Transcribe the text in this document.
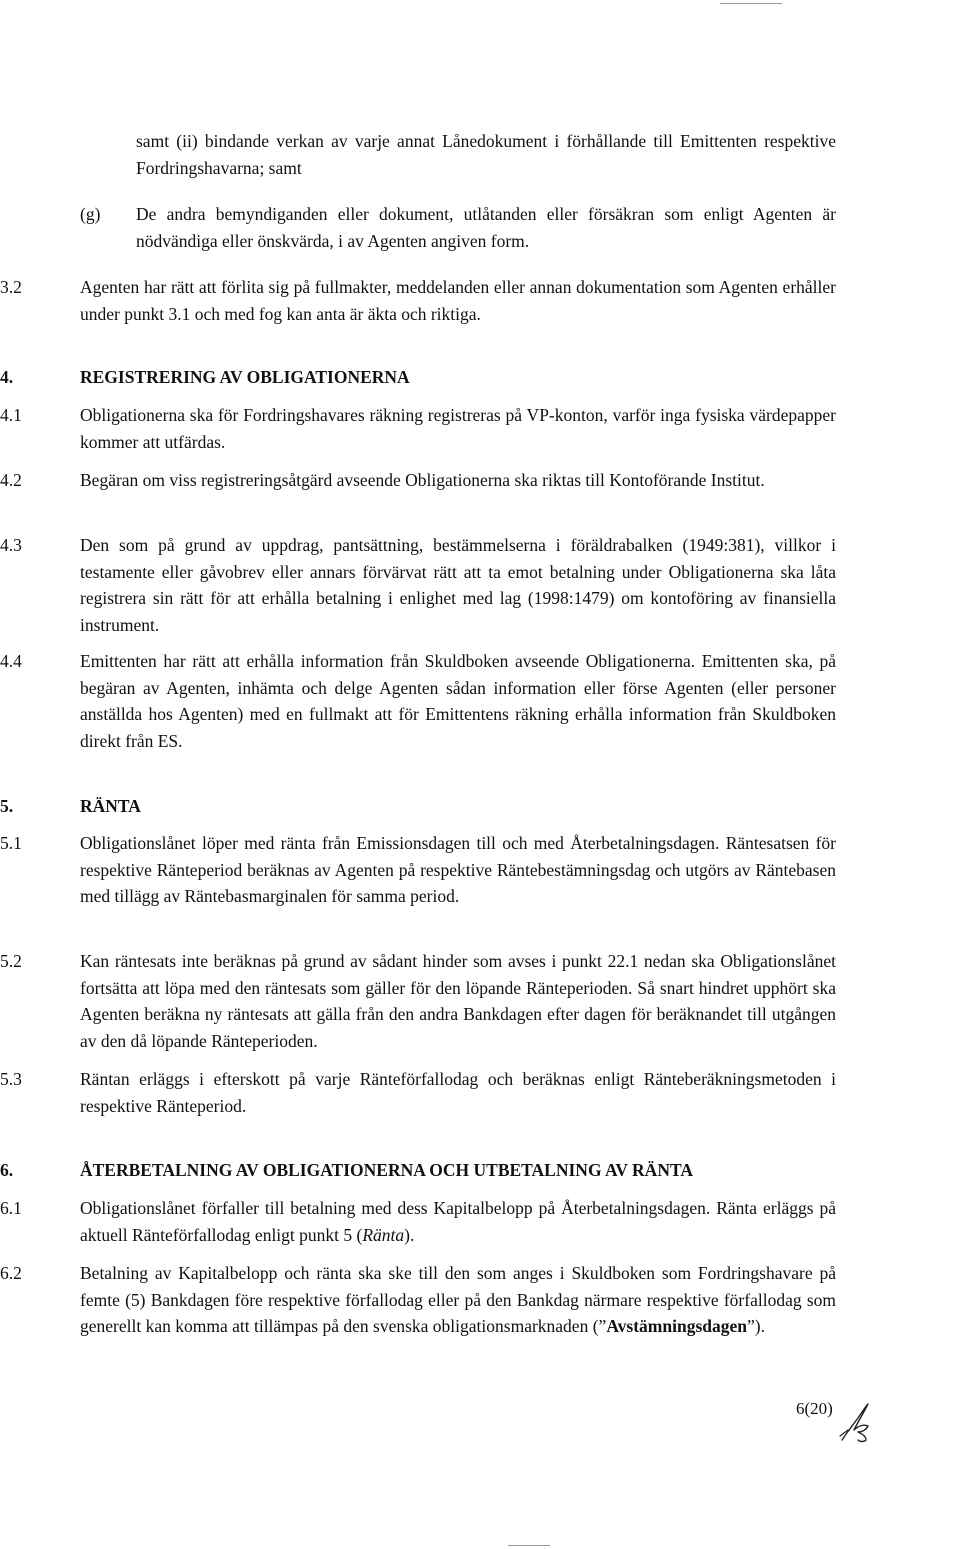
samt (ii) bindande verkan av varje annat Lånedokument i förhållande till Emittenten respektive Fordringshavarna; samt

(g) De andra bemyndiganden eller dokument, utlåtanden eller försäkran som enligt Agenten är nödvändiga eller önskvärda, i av Agenten angiven form.
3.2	Agenten har rätt att förlita sig på fullmakter, meddelanden eller annan dokumentation som Agenten erhåller under punkt 3.1 och med fog kan anta är äkta och riktiga.
4.	REGISTRERING AV OBLIGATIONERNA
4.1	Obligationerna ska för Fordringshavares räkning registreras på VP-konton, varför inga fysiska värdepapper kommer att utfärdas.
4.2	Begäran om viss registreringsåtgärd avseende Obligationerna ska riktas till Kontoförande Institut.
4.3	Den som på grund av uppdrag, pantsättning, bestämmelserna i föräldrabalken (1949:381), villkor i testamente eller gåvobrev eller annars förvärvat rätt att ta emot betalning under Obligationerna ska låta registrera sin rätt för att erhålla betalning i enlighet med lag (1998:1479) om kontoföring av finansiella instrument.
4.4	Emittenten har rätt att erhålla information från Skuldboken avseende Obligationerna. Emittenten ska, på begäran av Agenten, inhämta och delge Agenten sådan information eller förse Agenten (eller personer anställda hos Agenten) med en fullmakt att för Emittentens räkning erhålla information från Skuldboken direkt från ES.
5.	RÄNTA
5.1	Obligationslånet löper med ränta från Emissionsdagen till och med Återbetalningsdagen. Räntesatsen för respektive Ränteperiod beräknas av Agenten på respektive Räntebestämningsdag och utgörs av Räntebasen med tillägg av Räntebasmarginalen för samma period.
5.2	Kan räntesats inte beräknas på grund av sådant hinder som avses i punkt 22.1 nedan ska Obligationslånet fortsätta att löpa med den räntesats som gäller för den löpande Ränteperioden. Så snart hindret upphört ska Agenten beräkna ny räntesats att gälla från den andra Bankdagen efter dagen för beräknandet till utgången av den då löpande Ränteperioden.
5.3	Räntan erläggs i efterskott på varje Ränteförfallodag och beräknas enligt Ränteberäkningsmetoden i respektive Ränteperiod.
6.	ÅTERBETALNING AV OBLIGATIONERNA OCH UTBETALNING AV RÄNTA
6.1	Obligationslånet förfaller till betalning med dess Kapitalbelopp på Återbetalningsdagen. Ränta erläggs på aktuell Ränteförfallodag enligt punkt 5 (Ränta).
6.2	Betalning av Kapitalbelopp och ränta ska ske till den som anges i Skuldboken som Fordringshavare på femte (5) Bankdagen före respektive förfallodag eller på den Bankdag närmare respektive förfallodag som generellt kan komma att tillämpas på den svenska obligationsmarknaden (”Avstämningsdagen”).
6(20)
